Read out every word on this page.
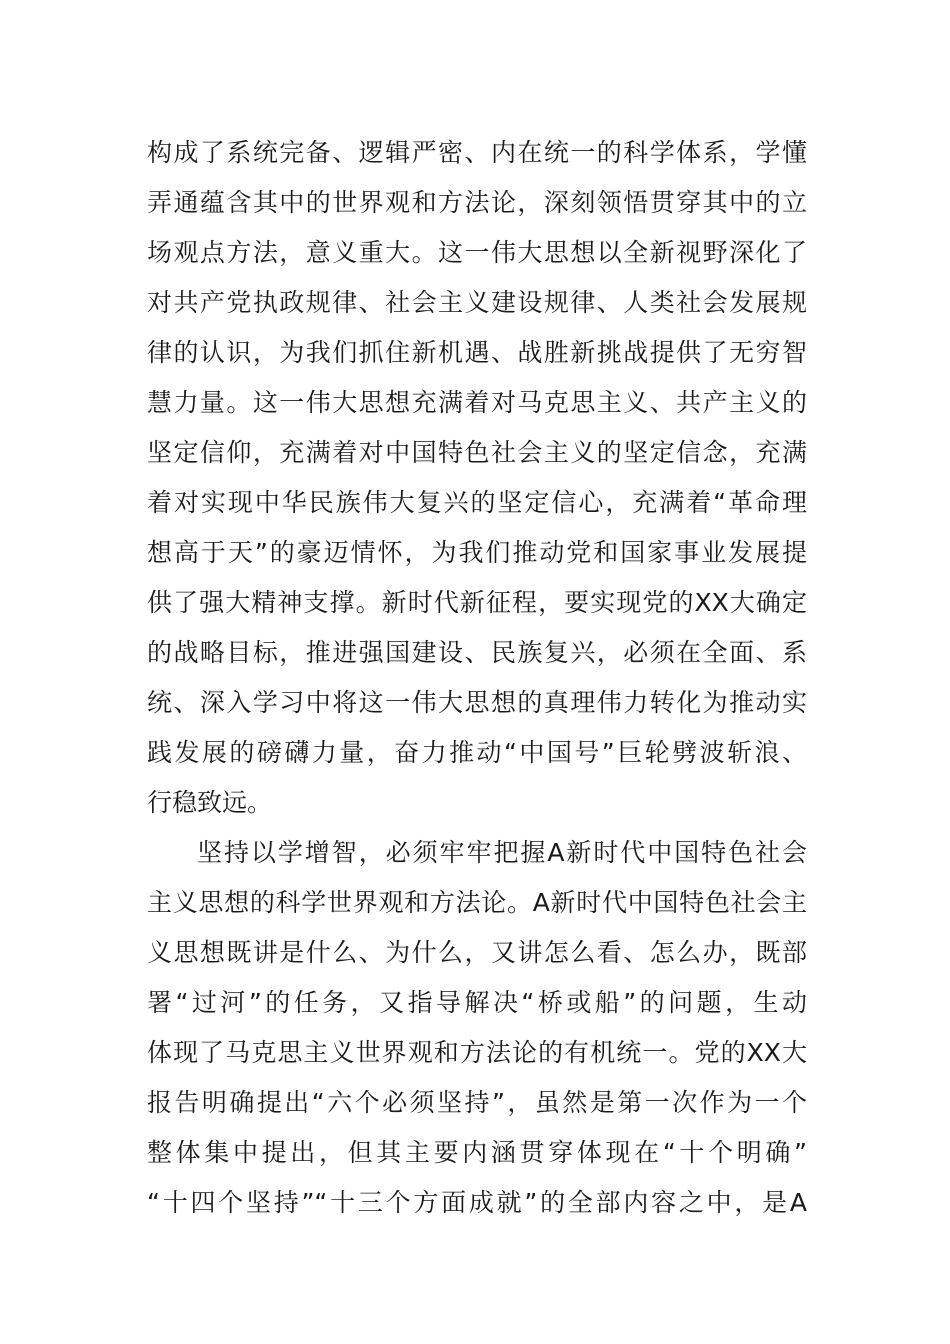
构成了系统完备、逻辑严密、内在统一的科学体系，学懂
弄通蕴含其中的世界观和方法论，深刻领悟贯穿其中的立
场观点方法，意义重大。这一伟大思想以全新视野深化了
对共产党执政规律、社会主义建设规律、人类社会发展规
律的认识，为我们抓住新机遇、战胜新挑战提供了无穷智
慧力量。这一伟大思想充满着对马克思主义、共产主义的
坚定信仰，充满着对中国特色社会主义的坚定信念，充满
着对实现中华民族伟大复兴的坚定信心，充满着“革命理
想高于天”的豪迈情怀，为我们推动党和国家事业发展提
供了强大精神支撑。新时代新征程，要实现党的XX大确定
的战略目标，推进强国建设、民族复兴，必须在全面、系
统、深入学习中将这一伟大思想的真理伟力转化为推动实
践发展的磅礴力量，奋力推动“中国号”巨轮劈波斩浪、
行稳致远。
坚持以学增智，必须牢牢把握A新时代中国特色社会
主义思想的科学世界观和方法论。A新时代中国特色社会主
义思想既讲是什么、为什么，又讲怎么看、怎么办，既部
署“过河”的任务，又指导解决“桥或船”的问题，生动
体现了马克思主义世界观和方法论的有机统一。党的XX大
报告明确提出“六个必须坚持”，虽然是第一次作为一个
整体集中提出，但其主要内涵贯穿体现在“十个明确”
“十四个坚持”“十三个方面成就”的全部内容之中，是A
